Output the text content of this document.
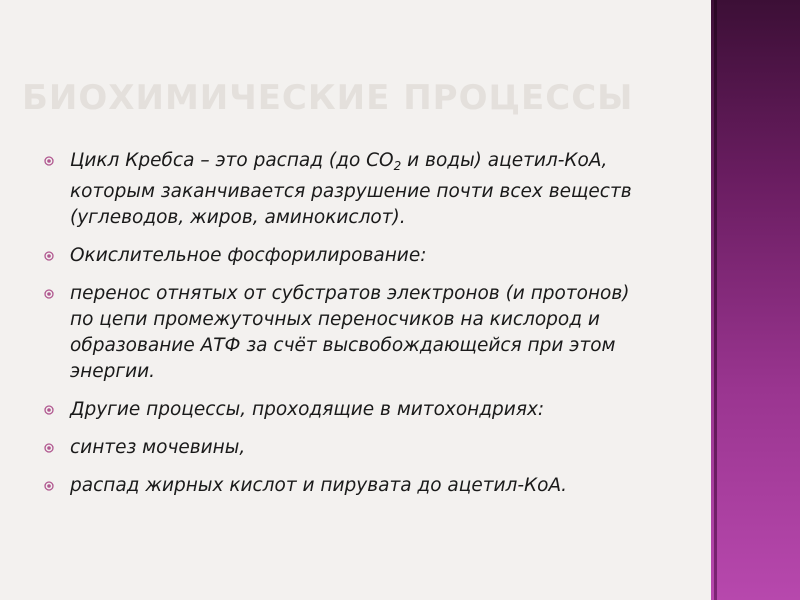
БИОХИМИЧЕСКИЕ ПРОЦЕССЫ
Цикл Кребса – это распад (до $СО_2$ и воды) ацетил-КоА, которым заканчивается разрушение почти всех веществ (углеводов, жиров, аминокислот).
Окислительное фосфорилирование:
перенос отнятых от субстратов электронов (и протонов) по цепи промежуточных переносчиков на кислород и образование АТФ за счёт высвобождающейся при этом энергии.
Другие процессы, проходящие в митохондриях:
синтез мочевины,
распад жирных кислот и пирувата до ацетил-КоА.
